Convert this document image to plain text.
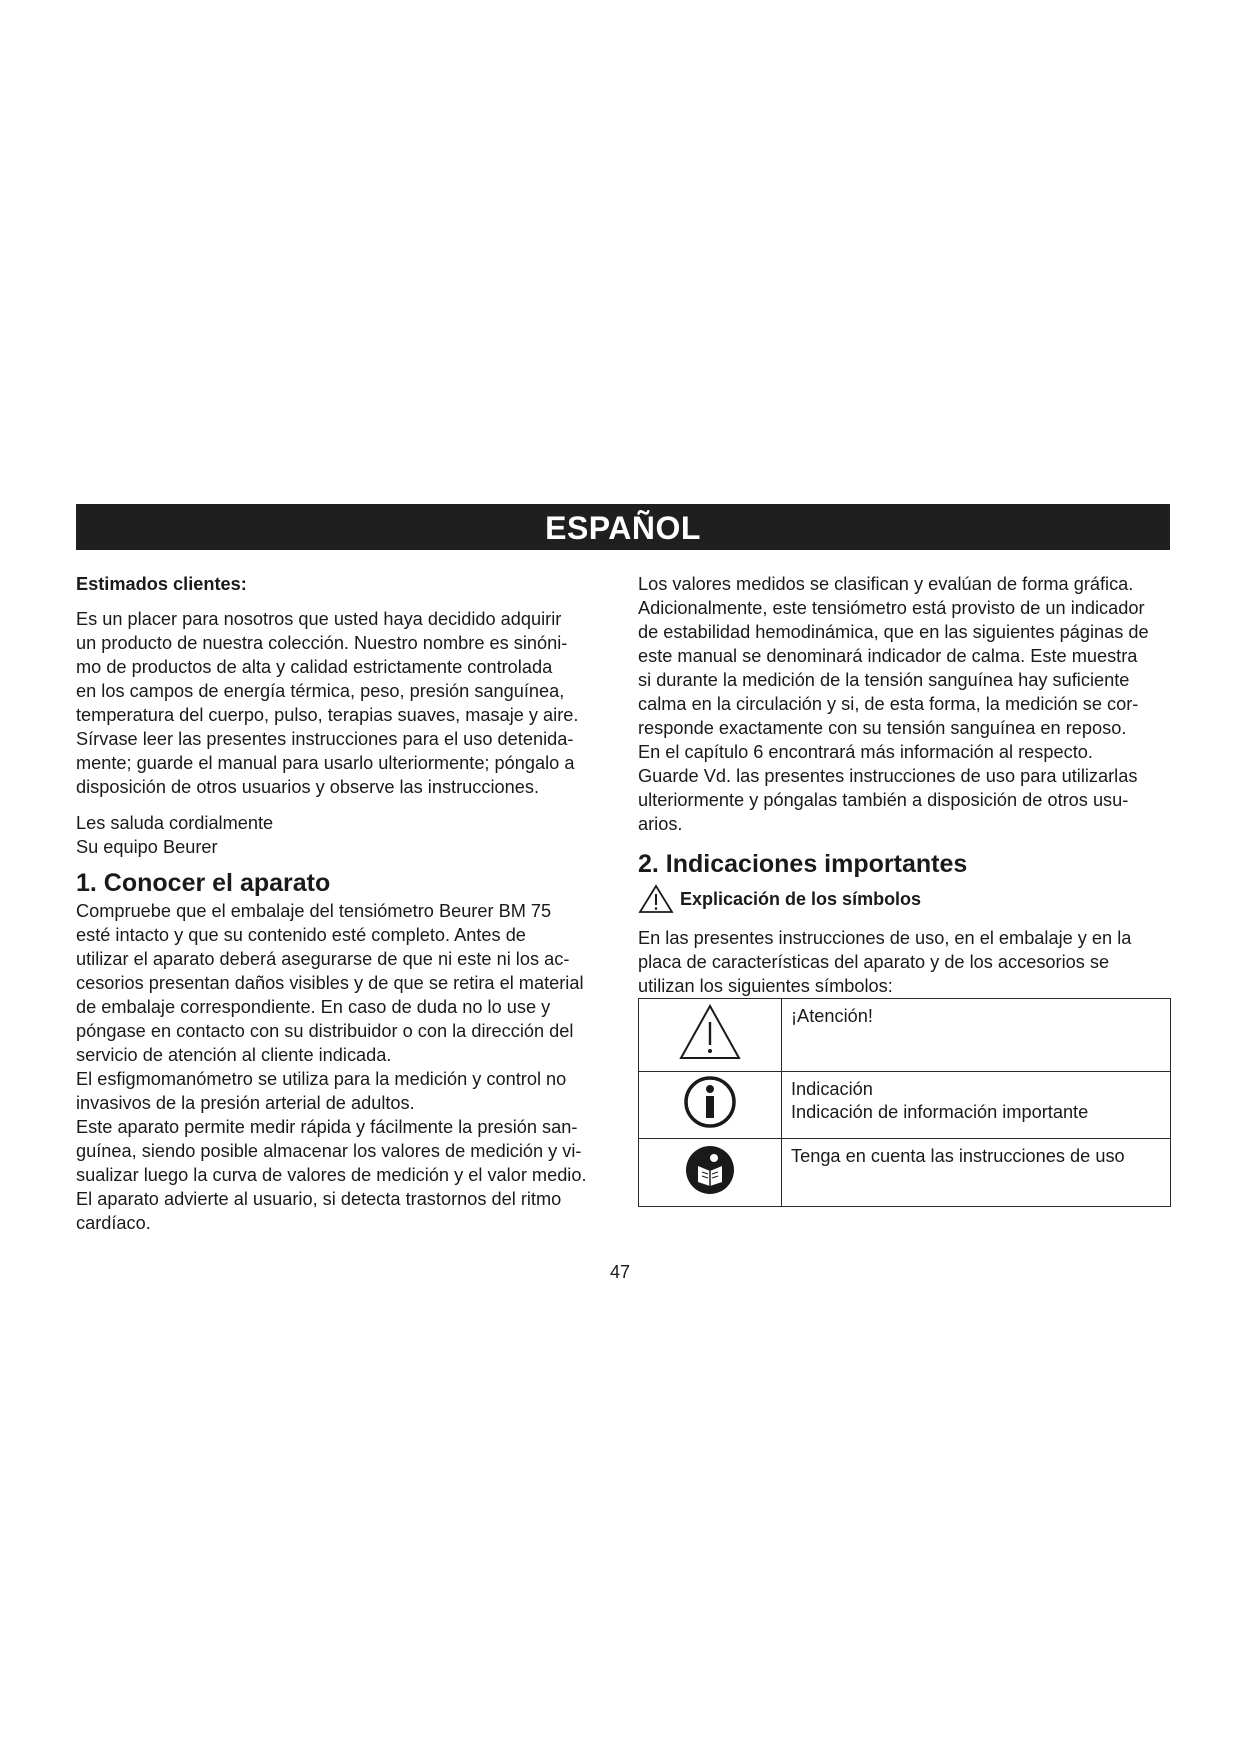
ESPAÑOL

Estimados clientes:

Es un placer para nosotros que usted haya decidido adquirir
un producto de nuestra colección. Nuestro nombre es sinóni-
mo de productos de alta y calidad estrictamente controlada
en los campos de energía térmica, peso, presión sanguínea,
temperatura del cuerpo, pulso, terapias suaves, masaje y aire.
Sírvase leer las presentes instrucciones para el uso detenida-
mente; guarde el manual para usarlo ulteriormente; póngalo a
disposición de otros usuarios y observe las instrucciones.
Les saluda cordialmente
Su equipo Beurer

1. Conocer el aparato

Compruebe que el embalaje del tensiómetro Beurer BM 75
esté intacto y que su contenido esté completo. Antes de
utilizar el aparato deberá asegurarse de que ni este ni los ac-
cesorios presentan daños visibles y de que se retira el material
de embalaje correspondiente. En caso de duda no lo use y
póngase en contacto con su distribuidor o con la dirección del
servicio de atención al cliente indicada.
El esfigmomanómetro se utiliza para la medición y control no
invasivos de la presión arterial de adultos.
Este aparato permite medir rápida y fácilmente la presión san-
guínea, siendo posible almacenar los valores de medición y vi-
sualizar luego la curva de valores de medición y el valor medio.
El aparato advierte al usuario, si detecta trastornos del ritmo
cardíaco.
Los valores medidos se clasifican y evalúan de forma gráfica.
Adicionalmente, este tensiómetro está provisto de un indicador
de estabilidad hemodinámica, que en las siguientes páginas de
este manual se denominará indicador de calma. Este muestra
si durante la medición de la tensión sanguínea hay suficiente
calma en la circulación y si, de esta forma, la medición se cor-
responde exactamente con su tensión sanguínea en reposo.
En el capítulo 6 encontrará más información al respecto.
Guarde Vd. las presentes instrucciones de uso para utilizarlas
ulteriormente y póngalas también a disposición de otros usu-
arios.

2. Indicaciones importantes

Explicación de los símbolos
En las presentes instrucciones de uso, en el embalaje y en la
placa de características del aparato y de los accesorios se
utilizan los siguientes símbolos:

¡Atención!

Indicación
Indicación de información importante

Tenga en cuenta las instrucciones de uso
47
